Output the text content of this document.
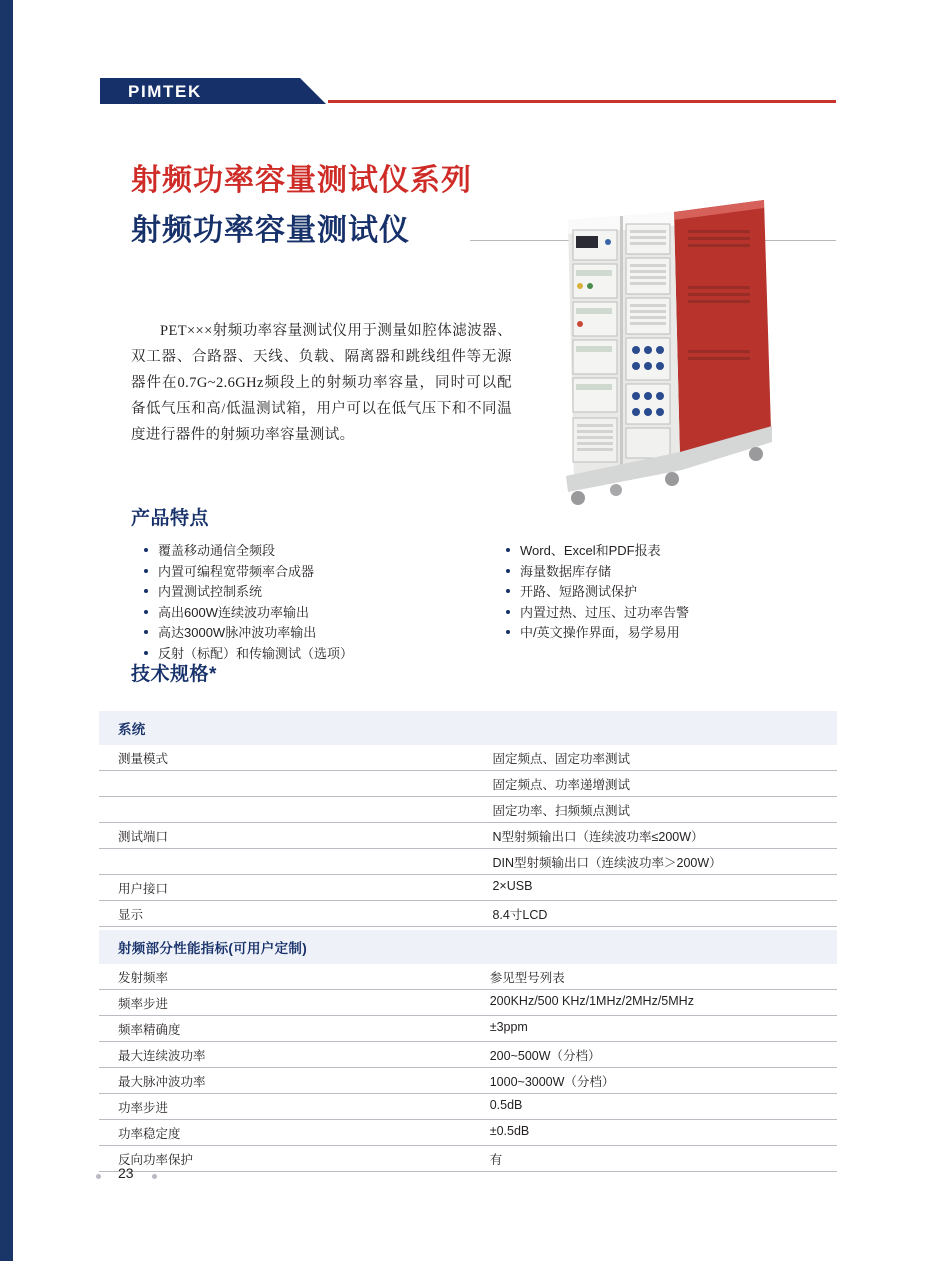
PIMTEK
射频功率容量测试仪系列
射频功率容量测试仪
PET×××射频功率容量测试仪用于测量如腔体滤波器、双工器、合路器、天线、负载、隔离器和跳线组件等无源器件在0.7G~2.6GHz频段上的射频功率容量，同时可以配备低气压和高/低温测试箱，用户可以在低气压下和不同温度进行器件的射频功率容量测试。
产品特点
覆盖移动通信全频段
内置可编程宽带频率合成器
内置测试控制系统
高出600W连续波功率输出
高达3000W脉冲波功率输出
反射（标配）和传输测试（选项）
Word、Excel和PDF报表
海量数据库存储
开路、短路测试保护
内置过热、过压、过功率告警
中/英文操作界面，易学易用
技术规格*
系统	
测量模式	固定频点、固定功率测试
	固定频点、功率递增测试
	固定功率、扫频频点测试
测试端口	N型射频输出口（连续波功率≤200W）
	DIN型射频输出口（连续波功率＞200W）
用户接口	2×USB
显示	8.4寸LCD
射频部分性能指标(可用户定制)	
发射频率	参见型号列表
频率步进	200KHz/500 KHz/1MHz/2MHz/5MHz
频率精确度	±3ppm
最大连续波功率	200~500W（分档）
最大脉冲波功率	1000~3000W（分档）
功率步进	0.5dB
功率稳定度	±0.5dB
反向功率保护	有
23
